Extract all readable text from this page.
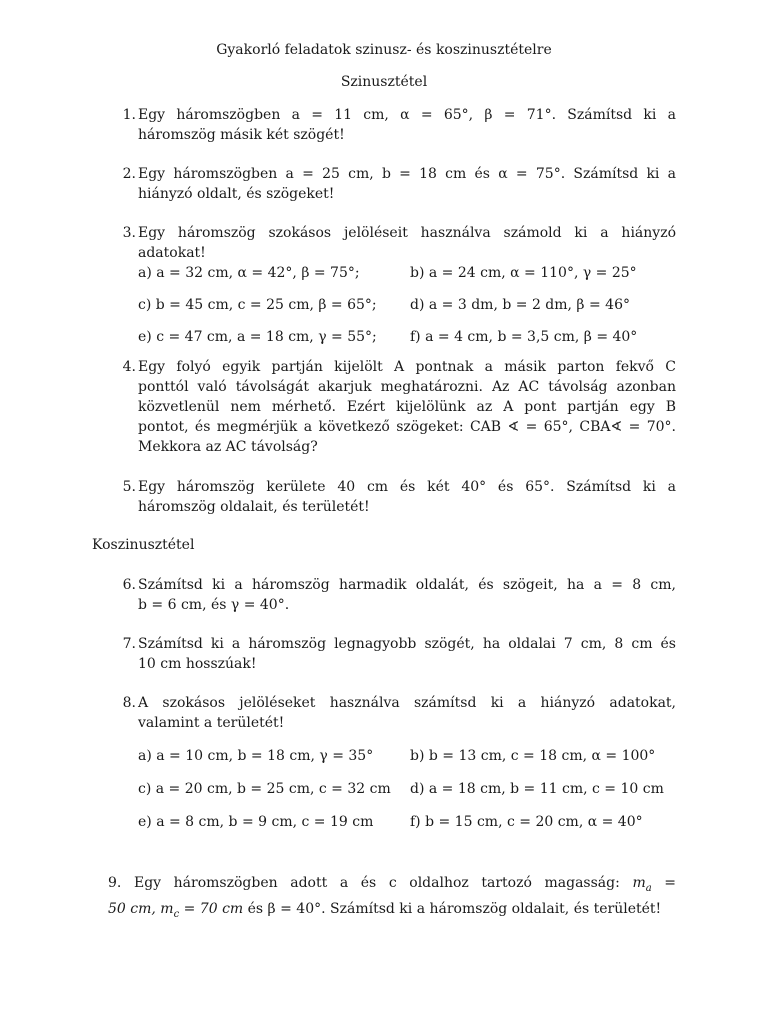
Gyakorló feladatok szinusz- és koszinusztételre
Szinusztétel
1. Egy háromszögben a = 11 cm, α = 65°, β = 71°. Számítsd ki a
háromszög másik két szögét!
2. Egy háromszögben a = 25 cm, b = 18 cm és α = 75°. Számítsd ki a
hiányzó oldalt, és szögeket!
3. Egy háromszög szokásos jelöléseit használva számold ki a hiányzó
adatokat!
a) a = 32 cm, α = 42°, β = 75°;	b) a = 24 cm, α = 110°, γ = 25°
c) b = 45 cm, c = 25 cm, β = 65°; d) a = 3 dm, b = 2 dm, β = 46°
e) c = 47 cm, a = 18 cm, γ = 55°; f) a = 4 cm, b = 3,5 cm, β = 40°
4. Egy folyó egyik partján kijelölt A pontnak a másik parton fekvő C
ponttól való távolságát akarjuk meghatározni. Az AC távolság azonban
közvetlenül nem mérhető. Ezért kijelölünk az A pont partján egy B
pontot, és megmérjük a következő szögeket: CAB ∢ = 65°, CBA∢ = 70°.
Mekkora az AC távolság?
5. Egy háromszög kerülete 40 cm és két 40° és 65°. Számítsd ki a
háromszög oldalait, és területét!
Koszinusztétel
6. Számítsd ki a háromszög harmadik oldalát, és szögeit, ha a = 8 cm,
b = 6 cm, és γ = 40°.
7. Számítsd ki a háromszög legnagyobb szögét, ha oldalai 7 cm, 8 cm és
10 cm hosszúak!
8. A szokásos jelöléseket használva számítsd ki a hiányzó adatokat,
valamint a területét!
a) a = 10 cm, b = 18 cm, γ = 35°	b) b = 13 cm, c = 18 cm, α = 100°
c) a = 20 cm, b = 25 cm, c = 32 cm d) a = 18 cm, b = 11 cm, c = 10 cm
e) a = 8 cm, b = 9 cm, c = 19 cm	f) b = 15 cm, c = 20 cm, α = 40°
9. Egy háromszögben adott a és c oldalhoz tartozó magasság: $m_a$ =
50 cm, $m_c = 70$ cm és β = 40°. Számítsd ki a háromszög oldalait, és területét!
